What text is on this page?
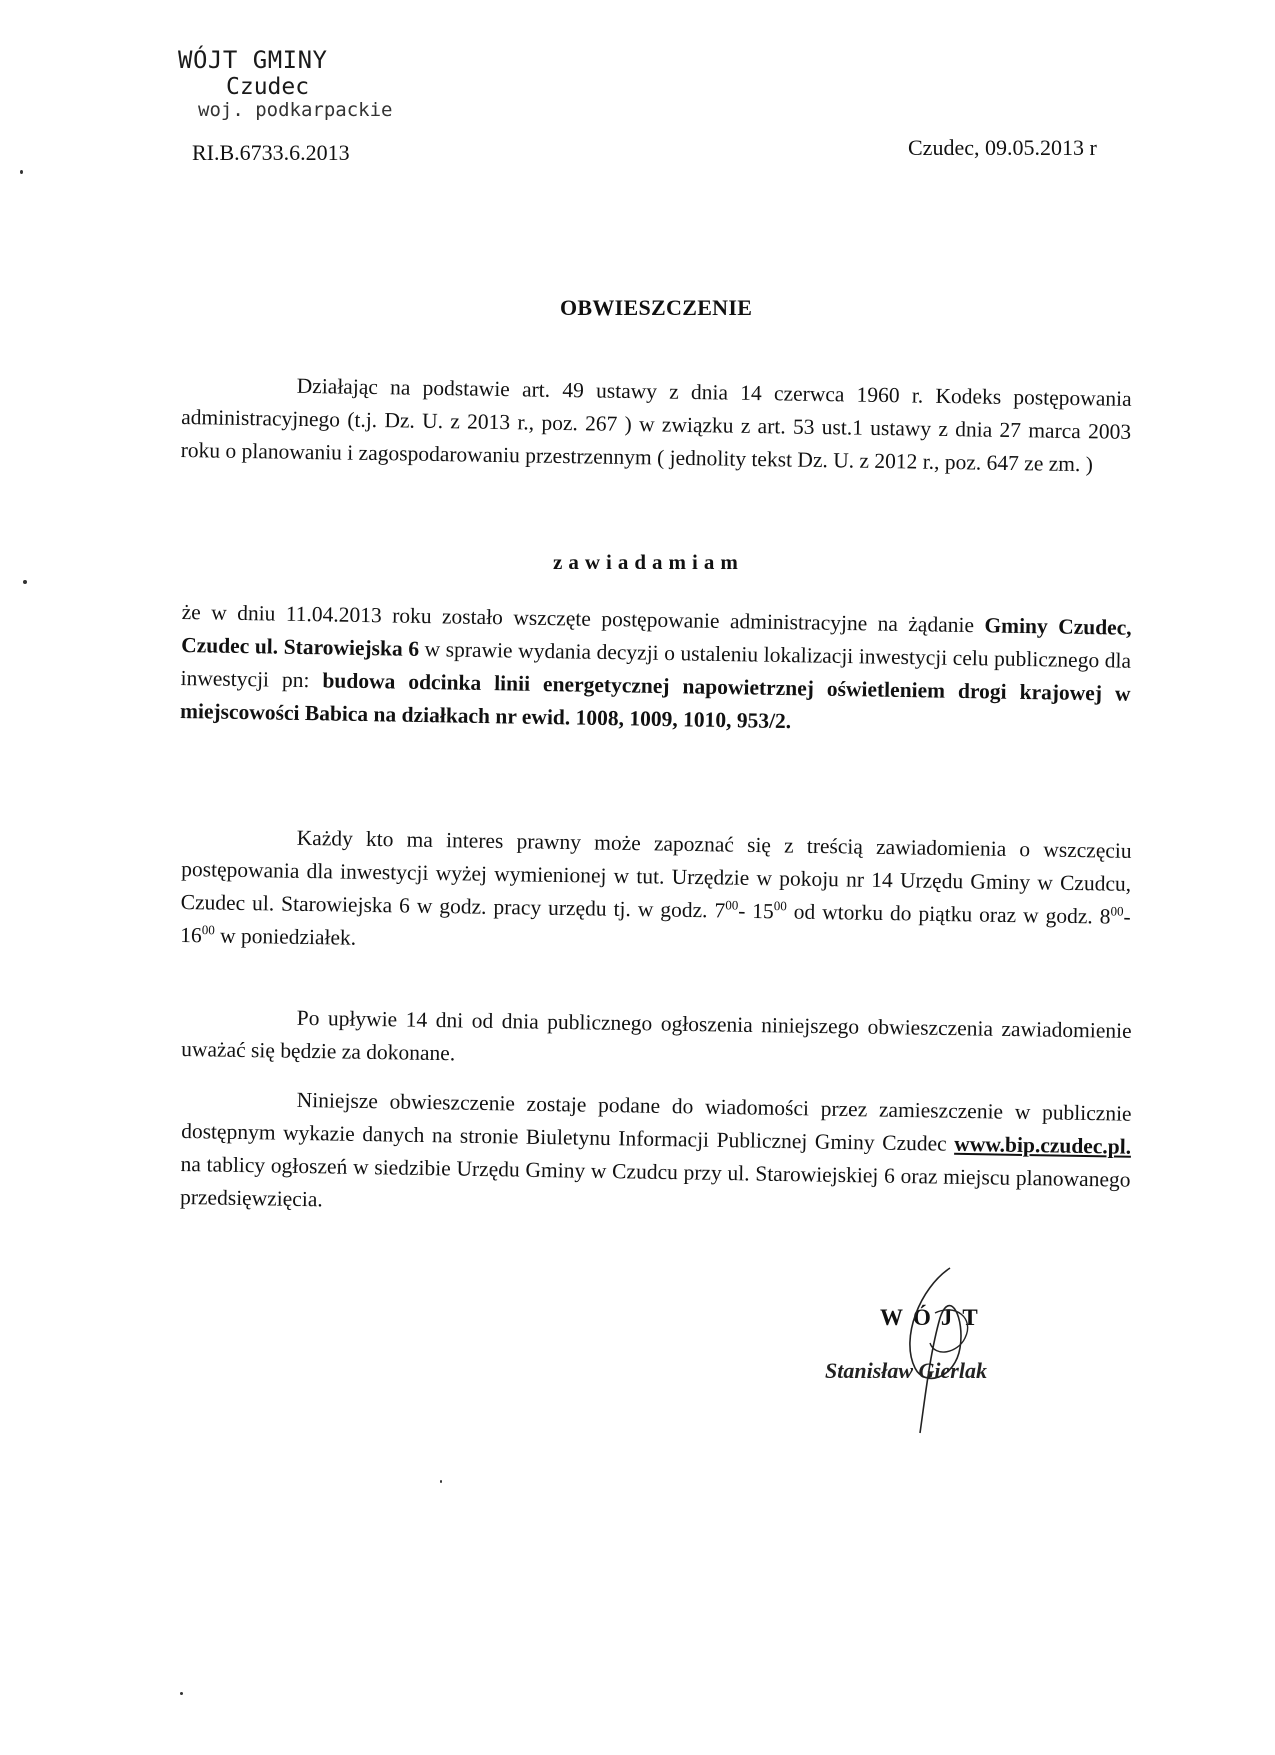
WÓJT GMINY
Czudec
woj. podkarpackie
RI.B.6733.6.2013	Czudec, 09.05.2013 r
OBWIESZCZENIE
Działając na podstawie art. 49 ustawy z dnia 14 czerwca 1960 r. Kodeks postępowania administracyjnego (t.j. Dz. U. z 2013 r., poz. 267 ) w związku z art. 53 ust.1 ustawy z dnia 27 marca 2003 roku o planowaniu i zagospodarowaniu przestrzennym ( jednolity tekst Dz. U. z 2012 r., poz. 647 ze zm. )
zawiadamiam
że w dniu 11.04.2013 roku zostało wszczęte postępowanie administracyjne na żądanie Gminy Czudec, Czudec ul. Starowiejska 6 w sprawie wydania decyzji o ustaleniu lokalizacji inwestycji celu publicznego dla inwestycji pn: budowa odcinka linii energetycznej napowietrznej oświetleniem drogi krajowej w miejscowości Babica na działkach nr ewid. 1008, 1009, 1010, 953/2.
Każdy kto ma interes prawny może zapoznać się z treścią zawiadomienia o wszczęciu postępowania dla inwestycji wyżej wymienionej w tut. Urzędzie w pokoju nr 14 Urzędu Gminy w Czudcu, Czudec ul. Starowiejska 6 w godz. pracy urzędu tj. w godz. $7^{00}-$ $15^{00}$ od wtorku do piątku oraz w godz. $8^{00}-$ $16^{00}$ w poniedziałek.
Po upływie 14 dni od dnia publicznego ogłoszenia niniejszego obwieszczenia zawiadomienie uważać się będzie za dokonane.
Niniejsze obwieszczenie zostaje podane do wiadomości przez zamieszczenie w publicznie dostępnym wykazie danych na stronie Biuletynu Informacji Publicznej Gminy Czudec www.bip.czudec.pl. na tablicy ogłoszeń w siedzibie Urzędu Gminy w Czudcu przy ul. Starowiejskiej 6 oraz miejscu planowanego przedsięwzięcia.
WÓJT
Stanisław Gierlak
